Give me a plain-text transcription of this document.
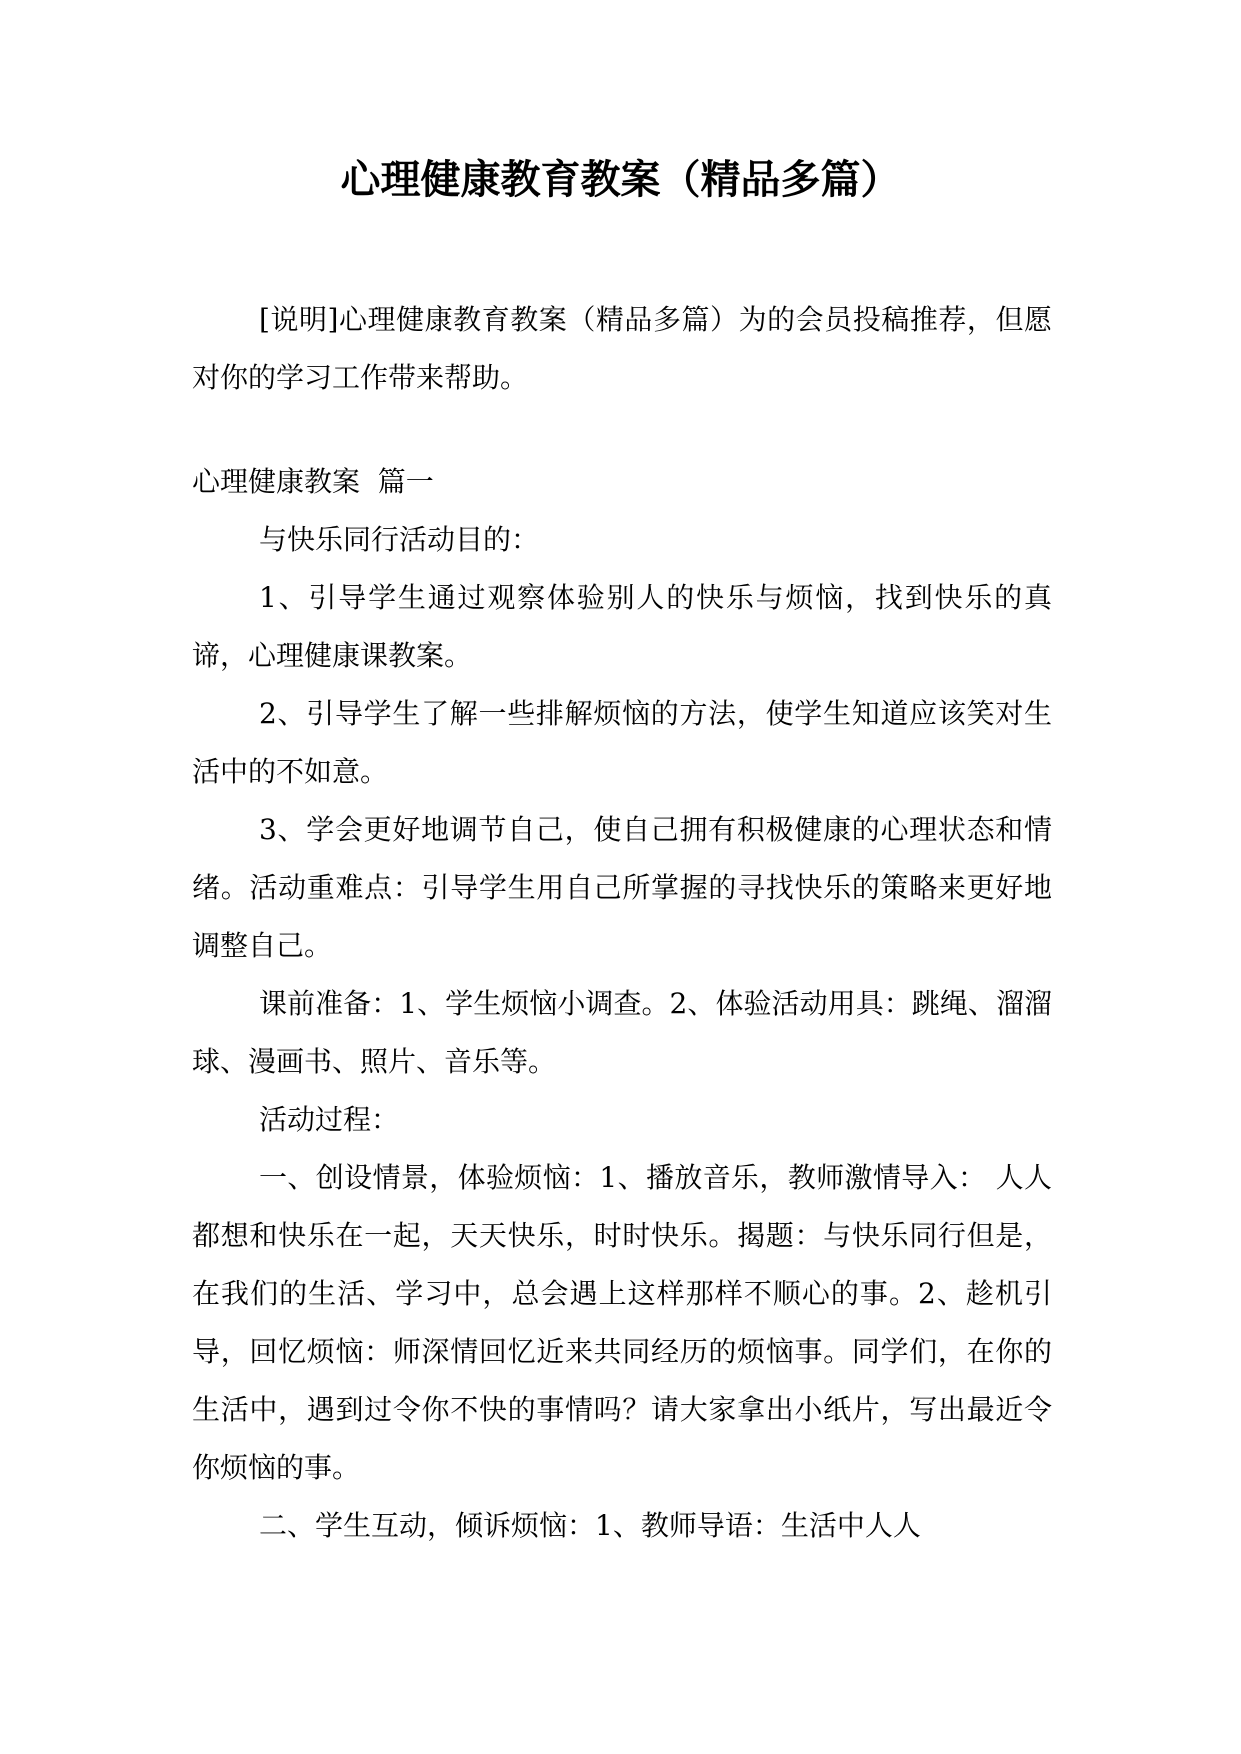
心理健康教育教案（精品多篇）

[说明]心理健康教育教案（精品多篇）为的会员投稿推荐，但愿对你的学习工作带来帮助。

心理健康教案  篇一

与快乐同行活动目的：

1、引导学生通过观察体验别人的快乐与烦恼，找到快乐的真谛，心理健康课教案。

2、引导学生了解一些排解烦恼的方法，使学生知道应该笑对生活中的不如意。

3、学会更好地调节自己，使自己拥有积极健康的心理状态和情绪。活动重难点：引导学生用自己所掌握的寻找快乐的策略来更好地调整自己。

课前准备：1、学生烦恼小调查。2、体验活动用具：跳绳、溜溜球、漫画书、照片、音乐等。

活动过程：

一、创设情景，体验烦恼：1、播放音乐，教师激情导入： 人人都想和快乐在一起，天天快乐，时时快乐。揭题：与快乐同行但是，在我们的生活、学习中，总会遇上这样那样不顺心的事。2、趁机引导，回忆烦恼：师深情回忆近来共同经历的烦恼事。同学们，在你的生活中，遇到过令你不快的事情吗？请大家拿出小纸片，写出最近令你烦恼的事。

二、学生互动，倾诉烦恼：1、教师导语：生活中人人
